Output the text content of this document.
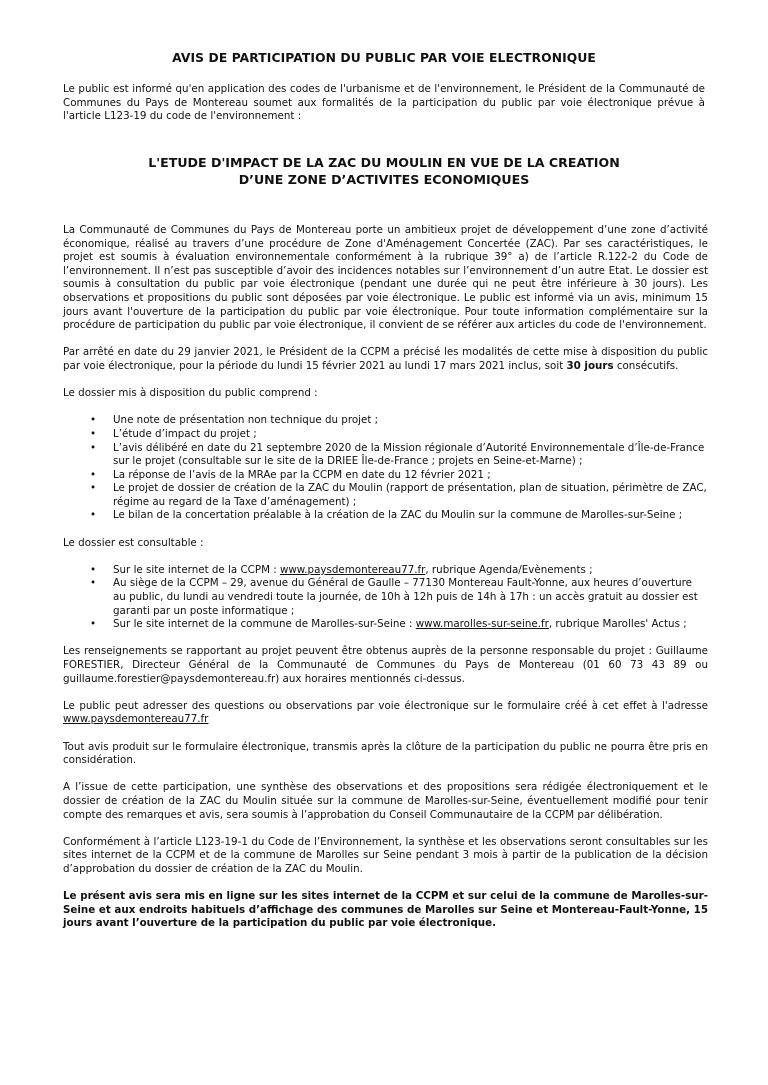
AVIS DE PARTICIPATION DU PUBLIC PAR VOIE ELECTRONIQUE

Le public est informé qu'en application des codes de l'urbanisme et de l'environnement, le Président de la Communauté de Communes du Pays de Montereau soumet aux formalités de la participation du public par voie électronique prévue à l'article L123-19 du code de l'environnement :

L'ETUDE D'IMPACT DE LA ZAC DU MOULIN EN VUE DE LA CREATION
D’UNE ZONE D’ACTIVITES ECONOMIQUES

La Communauté de Communes du Pays de Montereau porte un ambitieux projet de développement d’une zone d’activité économique, réalisé au travers d’une procédure de Zone d'Aménagement Concertée (ZAC). Par ses caractéristiques, le projet est soumis à évaluation environnementale conformément à la rubrique 39° a) de l’article R.122-2 du Code de l’environnement. Il n’est pas susceptible d’avoir des incidences notables sur l’environnement d’un autre Etat. Le dossier est soumis à consultation du public par voie électronique (pendant une durée qui ne peut être inférieure à 30 jours). Les observations et propositions du public sont déposées par voie électronique. Le public est informé via un avis, minimum 15 jours avant l'ouverture de la participation du public par voie électronique. Pour toute information complémentaire sur la procédure de participation du public par voie électronique, il convient de se référer aux articles du code de l'environnement.

Par arrêté en date du 29 janvier 2021, le Président de la CCPM a précisé les modalités de cette mise à disposition du public par voie électronique, pour la période du lundi 15 février 2021 au lundi 17 mars 2021 inclus, soit 30 jours consécutifs.

Le dossier mis à disposition du public comprend :

• Une note de présentation non technique du projet ;
• L’étude d’impact du projet ;
• L’avis délibéré en date du 21 septembre 2020 de la Mission régionale d’Autorité Environnementale d’Île-de-France sur le projet (consultable sur le site de la DRIEE Île-de-France ; projets en Seine-et-Marne) ;
• La réponse de l’avis de la MRAe par la CCPM en date du 12 février 2021 ;
• Le projet de dossier de création de la ZAC du Moulin (rapport de présentation, plan de situation, périmètre de ZAC, régime au regard de la Taxe d’aménagement) ;
• Le bilan de la concertation préalable à la création de la ZAC du Moulin sur la commune de Marolles-sur-Seine ;

Le dossier est consultable :

• Sur le site internet de la CCPM : www.paysdemontereau77.fr, rubrique Agenda/Evènements ;
• Au siège de la CCPM – 29, avenue du Général de Gaulle – 77130 Montereau Fault-Yonne, aux heures d’ouverture au public, du lundi au vendredi toute la journée, de 10h à 12h puis de 14h à 17h : un accès gratuit au dossier est garanti par un poste informatique ;
• Sur le site internet de la commune de Marolles-sur-Seine : www.marolles-sur-seine.fr, rubrique Marolles' Actus ;

Les renseignements se rapportant au projet peuvent être obtenus auprès de la personne responsable du projet : Guillaume FORESTIER, Directeur Général de la Communauté de Communes du Pays de Montereau (01 60 73 43 89 ou guillaume.forestier@paysdemontereau.fr) aux horaires mentionnés ci-dessus.

Le public peut adresser des questions ou observations par voie électronique sur le formulaire créé à cet effet à l'adresse www.paysdemontereau77.fr

Tout avis produit sur le formulaire électronique, transmis après la clôture de la participation du public ne pourra être pris en considération.

A l’issue de cette participation, une synthèse des observations et des propositions sera rédigée électroniquement et le dossier de création de la ZAC du Moulin située sur la commune de Marolles-sur-Seine, éventuellement modifié pour tenir compte des remarques et avis, sera soumis à l’approbation du Conseil Communautaire de la CCPM par délibération.

Conformément à l’article L123-19-1 du Code de l’Environnement, la synthèse et les observations seront consultables sur les sites internet de la CCPM et de la commune de Marolles sur Seine pendant 3 mois à partir de la publication de la décision d’approbation du dossier de création de la ZAC du Moulin.

Le présent avis sera mis en ligne sur les sites internet de la CCPM et sur celui de la commune de Marolles-sur-Seine et aux endroits habituels d’affichage des communes de Marolles sur Seine et Montereau-Fault-Yonne, 15 jours avant l’ouverture de la participation du public par voie électronique.
